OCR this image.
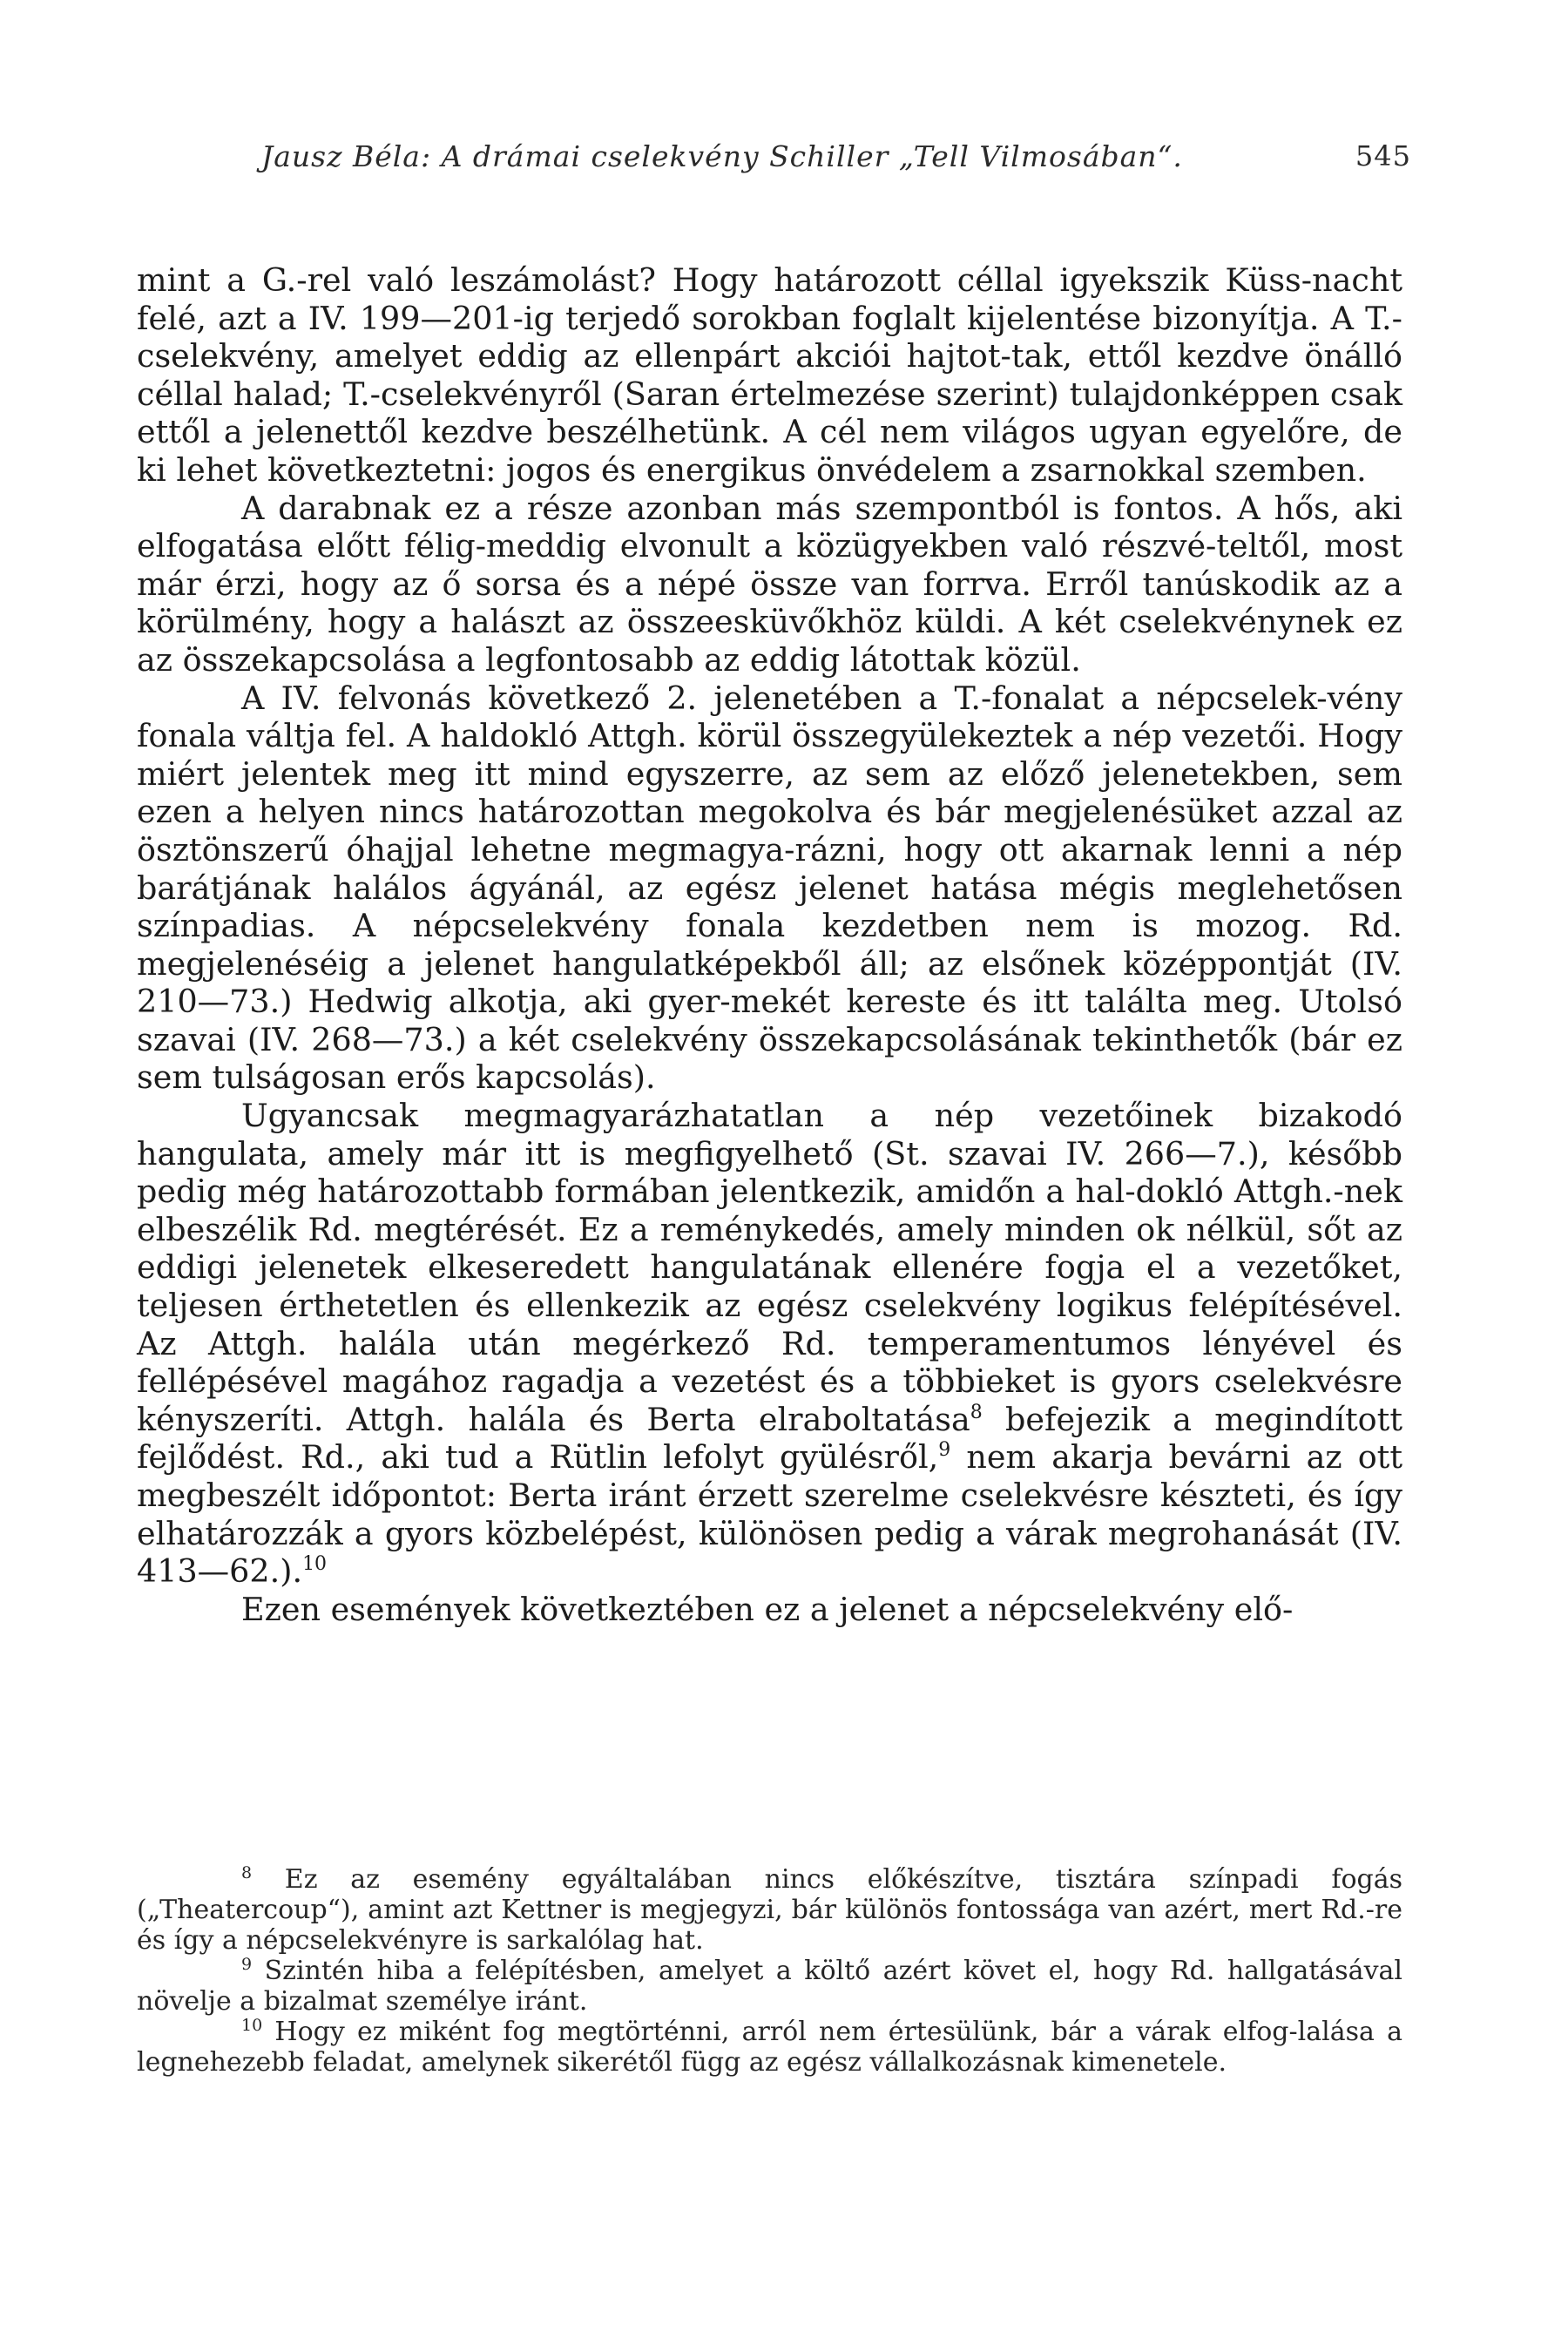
Jausz Béla: A drámai cselekvény Schiller „Tell Vilmosában“.	545

mint a G.-rel való leszámolást? Hogy határozott céllal igyekszik Küss-nacht felé, azt a IV. 199—201-ig terjedő sorokban foglalt kijelentése bizonyítja. A T.-cselekvény, amelyet eddig az ellenpárt akciói hajtot-tak, ettől kezdve önálló céllal halad; T.-cselekvényről (Saran értelmezése szerint) tulajdonképpen csak ettől a jelenettől kezdve beszélhetünk. A cél nem világos ugyan egyelőre, de ki lehet következtetni: jogos és energikus önvédelem a zsarnokkal szemben.

A darabnak ez a része azonban más szempontból is fontos. A hős, aki elfogatása előtt félig-meddig elvonult a közügyekben való részvé-teltől, most már érzi, hogy az ő sorsa és a népé össze van forrva. Erről tanúskodik az a körülmény, hogy a halászt az összeesküvőkhöz küldi. A két cselekvénynek ez az összekapcsolása a legfontosabb az eddig látottak közül.

A IV. felvonás következő 2. jelenetében a T.-fonalat a népcselek-vény fonala váltja fel. A haldokló Attgh. körül összegyülekeztek a nép vezetői. Hogy miért jelentek meg itt mind egyszerre, az sem az előző jelenetekben, sem ezen a helyen nincs határozottan megokolva és bár megjelenésüket azzal az ösztönszerű óhajjal lehetne megmagya-rázni, hogy ott akarnak lenni a nép barátjának halálos ágyánál, az egész jelenet hatása mégis meglehetősen színpadias. A népcselekvény fonala kezdetben nem is mozog. Rd. megjelenéséig a jelenet hangulatképekből áll; az elsőnek középpontját (IV. 210—73.) Hedwig alkotja, aki gyer-mekét kereste és itt találta meg. Utolsó szavai (IV. 268—73.) a két cselekvény összekapcsolásának tekinthetők (bár ez sem tulságosan erős kapcsolás).

Ugyancsak megmagyarázhatatlan a nép vezetőinek bizakodó hangulata, amely már itt is megfigyelhető (St. szavai IV. 266—7.), később pedig még határozottabb formában jelentkezik, amidőn a hal-dokló Attgh.-nek elbeszélik Rd. megtérését. Ez a reménykedés, amely minden ok nélkül, sőt az eddigi jelenetek elkeseredett hangulatának ellenére fogja el a vezetőket, teljesen érthetetlen és ellenkezik az egész cselekvény logikus felépítésével. Az Attgh. halála után megérkező Rd. temperamentumos lényével és fellépésével magához ragadja a vezetést és a többieket is gyors cselekvésre kényszeríti. Attgh. halála és Berta elraboltatása$^8$ befejezik a megindított fejlődést. Rd., aki tud a Rütlin lefolyt gyülésről,$^9$ nem akarja bevárni az ott megbeszélt időpontot: Berta iránt érzett szerelme cselekvésre készteti, és így elhatározzák a gyors közbelépést, különösen pedig a várak megrohanását (IV. 413—62.).$^{10}$

Ezen események következtében ez a jelenet a népcselekvény elő-

$^8$ Ez az esemény egyáltalában nincs előkészítve, tisztára színpadi fogás („Theatercoup“), amint azt Kettner is megjegyzi, bár különös fontossága van azért, mert Rd.-re és így a népcselekvényre is sarkalólag hat.

$^9$ Szintén hiba a felépítésben, amelyet a költő azért követ el, hogy Rd. hallgatásával növelje a bizalmat személye iránt.

$^{10}$ Hogy ez miként fog megtörténni, arról nem értesülünk, bár a várak elfog-lalása a legnehezebb feladat, amelynek sikerétől függ az egész vállalkozásnak kimenetele.
